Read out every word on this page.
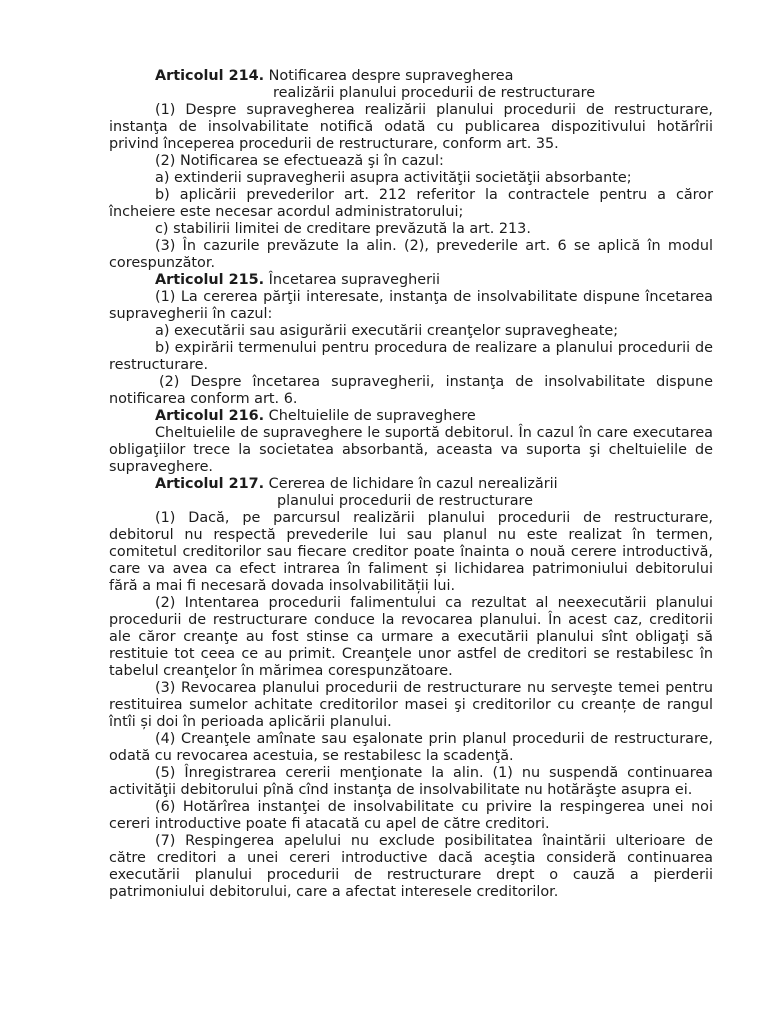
Articolul 214. Notificarea despre supravegherea

realizării planului procedurii de restructurare

(1) Despre supravegherea realizării planului procedurii de restructurare, instanţa de insolvabilitate notifică odată cu publicarea dispozitivului hotărîrii privind începerea procedurii de restructurare, conform art. 35.

(2) Notificarea se efectuează şi în cazul:

a) extinderii supravegherii asupra activităţii societăţii absorbante;

b) aplicării prevederilor art. 212 referitor la contractele pentru a căror încheiere este necesar acordul administratorului;

c) stabilirii limitei de creditare prevăzută la art. 213.

(3) În cazurile prevăzute la alin. (2), prevederile art. 6 se aplică în modul corespunzător.

Articolul 215. Încetarea supravegherii

(1) La cererea părţii interesate, instanţa de insolvabilitate dispune încetarea supravegherii în cazul:

a) executării sau asigurării executării creanţelor supravegheate;

b) expirării termenului pentru procedura de realizare a planului procedurii de restructurare.

(2) Despre încetarea supravegherii, instanţa de insolvabilitate dispune notificarea conform art. 6.

Articolul 216. Cheltuielile de supraveghere

Cheltuielile de supraveghere le suportă debitorul. În cazul în care executarea obligaţiilor trece la societatea absorbantă, aceasta va suporta şi cheltuielile de supraveghere.

Articolul 217. Cererea de lichidare în cazul nerealizării

planului procedurii de restructurare

(1) Dacă, pe parcursul realizării planului procedurii de restructurare, debitorul nu respectă prevederile lui sau planul nu este realizat în termen, comitetul creditorilor sau fiecare creditor poate înainta o nouă cerere introductivă, care va avea ca efect intrarea în faliment și lichidarea patrimoniului debitorului fără a mai fi necesară dovada insolvabilității lui.

(2) Intentarea procedurii falimentului ca rezultat al neexecutării planului procedurii de restructurare conduce la revocarea planului. În acest caz, creditorii ale căror creanţe au fost stinse ca urmare a executării planului sînt obligaţi să restituie tot ceea ce au primit. Creanţele unor astfel de creditori se restabilesc în tabelul creanţelor în mărimea corespunzătoare.

(3) Revocarea planului procedurii de restructurare nu serveşte temei pentru restituirea sumelor achitate creditorilor masei şi creditorilor cu creanțe de rangul întîi și doi în perioada aplicării planului.

(4) Creanţele amînate sau eşalonate prin planul procedurii de restructurare, odată cu revocarea acestuia, se restabilesc la scadenţă.

(5) Înregistrarea cererii menţionate la alin. (1) nu suspendă continuarea activităţii debitorului pînă cînd instanţa de insolvabilitate nu hotărăşte asupra ei.

(6) Hotărîrea instanţei de insolvabilitate cu privire la respingerea unei noi cereri introductive poate fi atacată cu apel de către creditori.

(7) Respingerea apelului nu exclude posibilitatea înaintării ulterioare de către creditori a unei cereri introductive dacă aceştia consideră continuarea executării planului procedurii de restructurare drept o cauză a pierderii patrimoniului debitorului, care a afectat interesele creditorilor.
